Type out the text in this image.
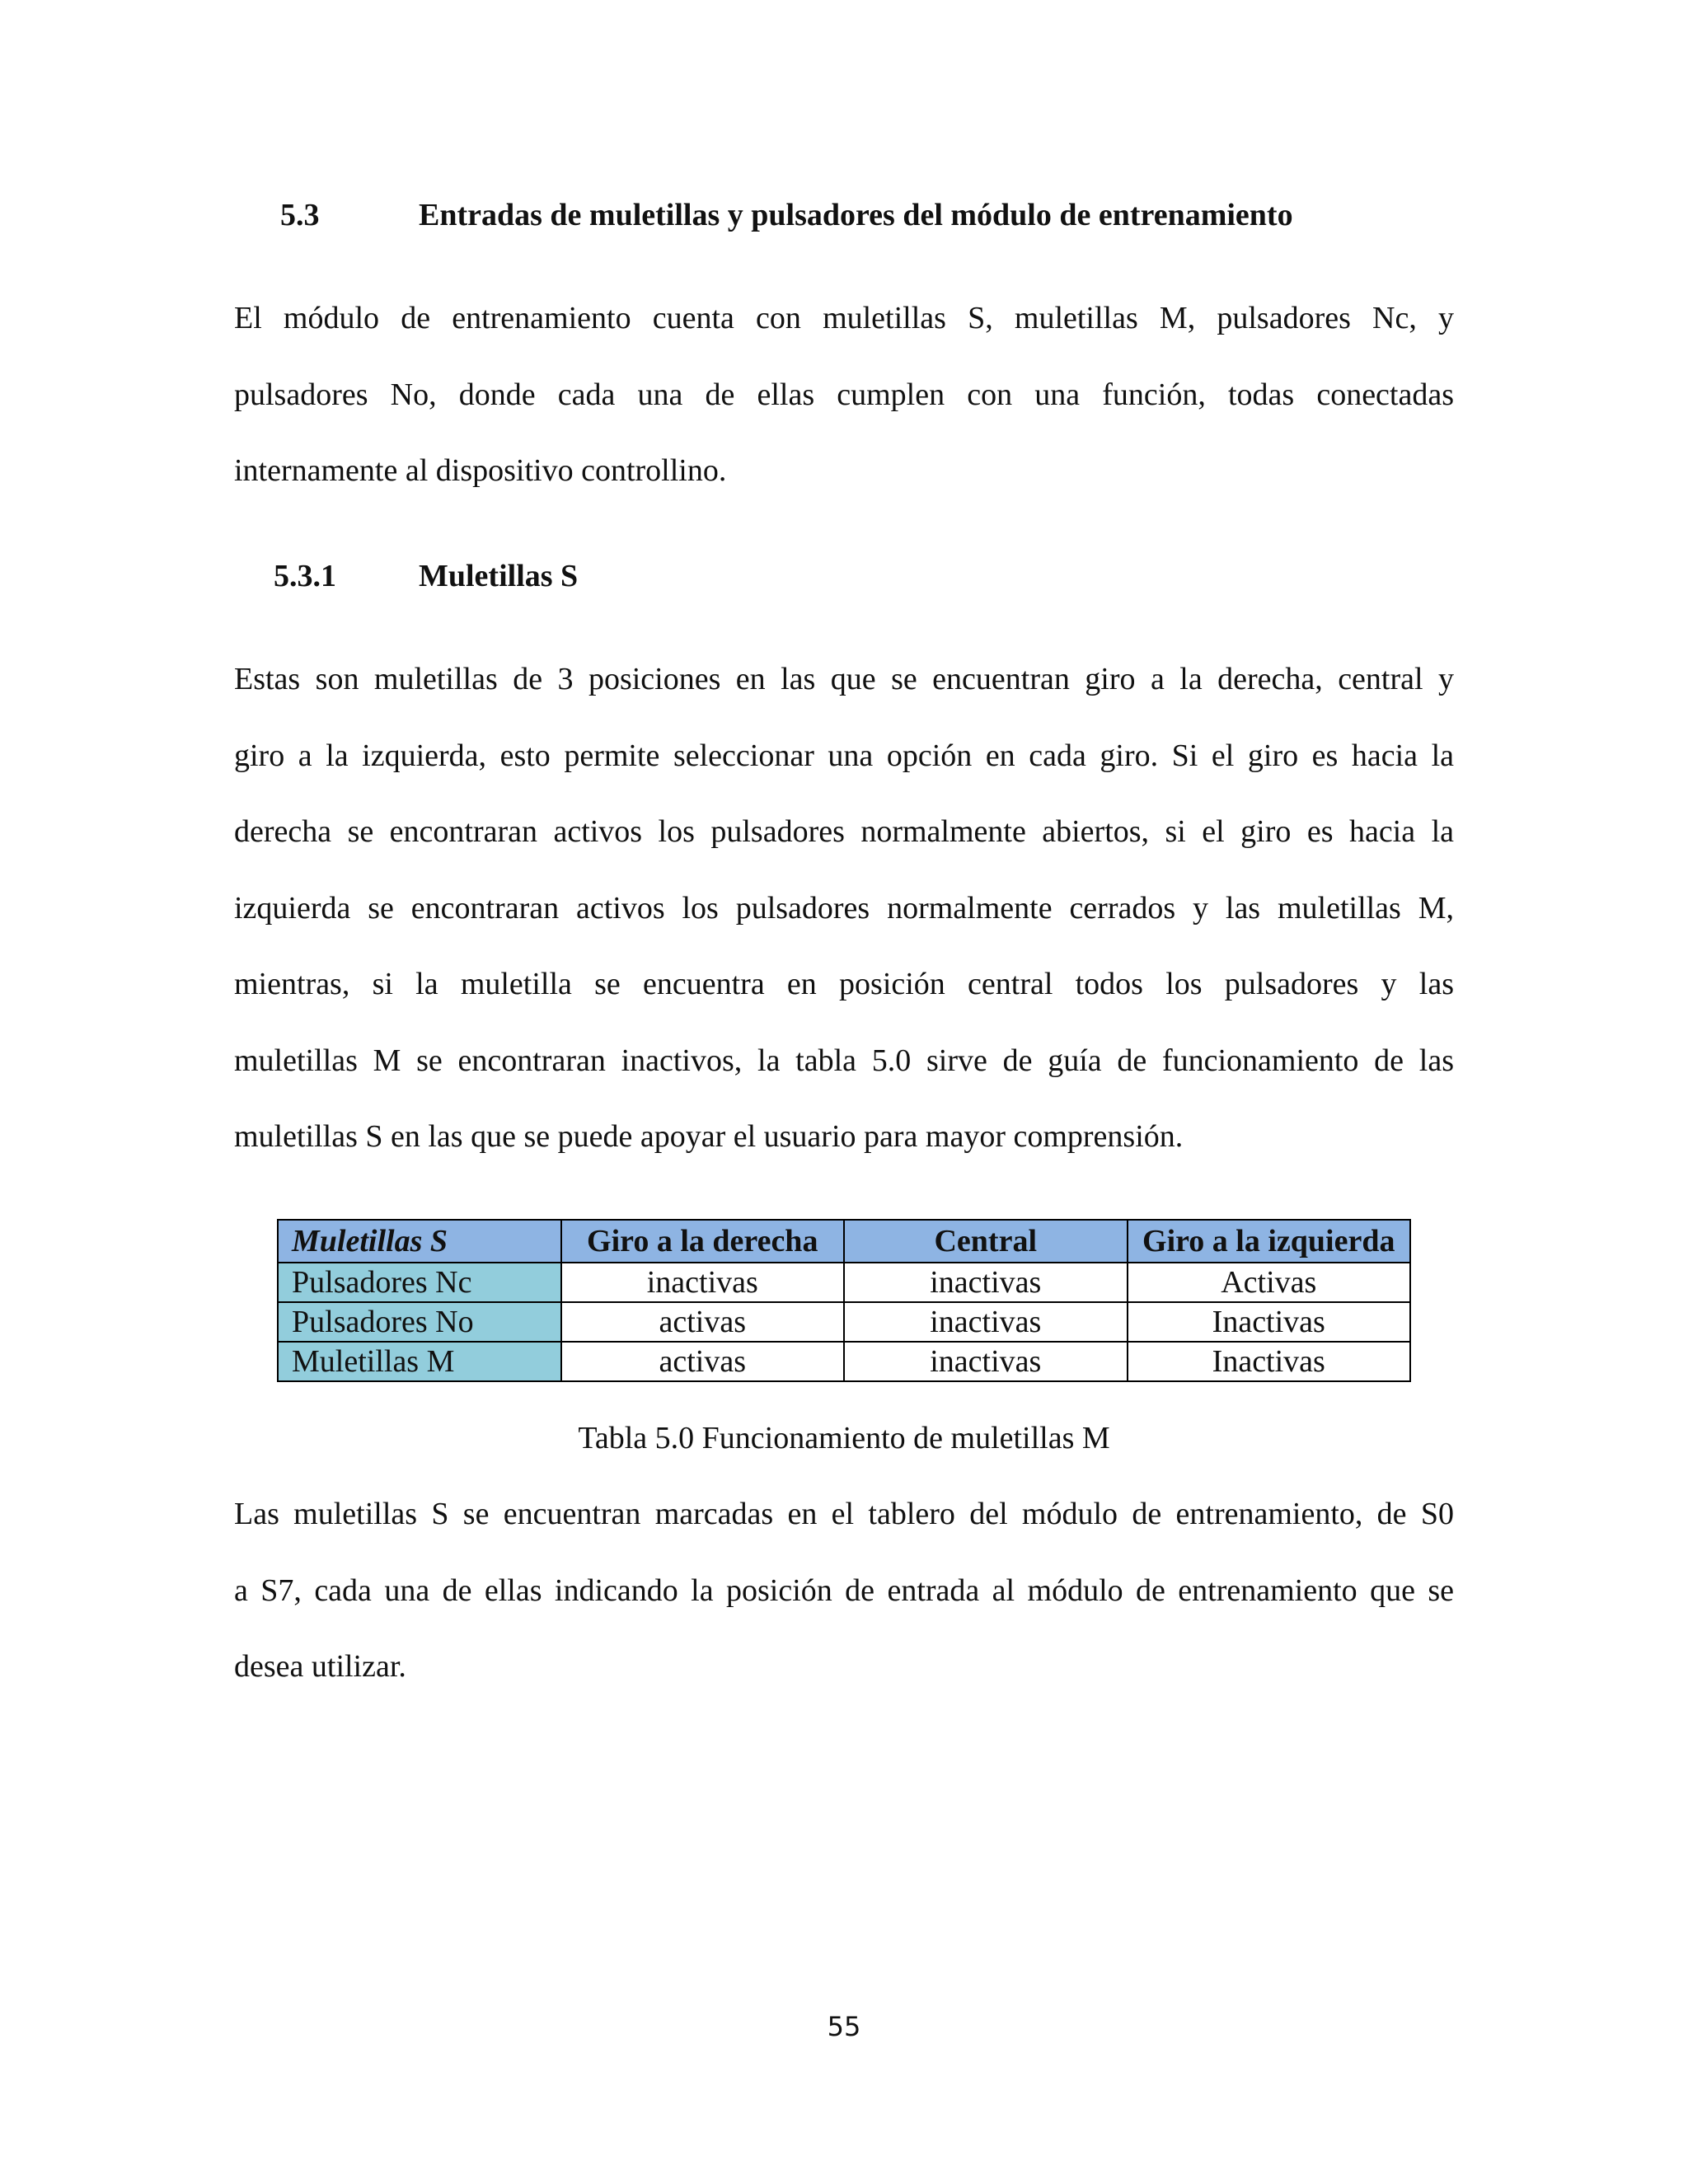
5.3	Entradas de muletillas y pulsadores del módulo de entrenamiento
El módulo de entrenamiento cuenta con muletillas S, muletillas M, pulsadores Nc, y
pulsadores No, donde cada una de ellas cumplen con una función, todas conectadas
internamente al dispositivo controllino.
5.3.1	Muletillas S
Estas son muletillas de 3 posiciones en las que se encuentran giro a la derecha, central y
giro a la izquierda, esto permite seleccionar una opción en cada giro. Si el giro es hacia la
derecha se encontraran activos los pulsadores normalmente abiertos, si el giro es hacia la
izquierda se encontraran activos los pulsadores normalmente cerrados y las muletillas M,
mientras, si la muletilla se encuentra en posición central todos los pulsadores y las
muletillas M se encontraran inactivos, la tabla 5.0 sirve de guía de funcionamiento de las
muletillas S en las que se puede apoyar el usuario para mayor comprensión.
Muletillas S	Giro a la derecha	Central	Giro a la izquierda
Pulsadores Nc	inactivas	inactivas	Activas
Pulsadores No	activas	inactivas	Inactivas
Muletillas M	activas	inactivas	Inactivas
Tabla 5.0 Funcionamiento de muletillas M
Las muletillas S se encuentran marcadas en el tablero del módulo de entrenamiento, de S0
a S7, cada una de ellas indicando la posición de entrada al módulo de entrenamiento que se
desea utilizar.
55
